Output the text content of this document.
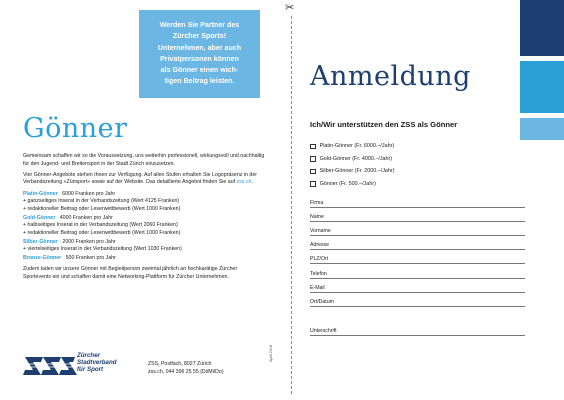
Werden Sie Partner des
Zürcher Sports!
Unternehmen, aber auch
Privatpersonen können
als Gönner einen wich-
tigen Beitrag leisten.
Gönner

Gemeinsam schaffen wir so die Voraussetzung, uns weiterhin professionell, wirkungsvoll und nachhaltig für den Jugend- und Breitensport in der Stadt Zürich einzusetzen.

Vier Gönner-Angebote stehen Ihnen zur Verfügung. Auf allen Stufen erhalten Sie Logopräsenz in der Verbandszeitung «Zürisport» sowie auf der Website. Das detaillierte Angebot finden Sie auf zss.ch.

Platin-Gönner 6000 Franken pro Jahr
+ ganzseitiges Inserat in der Verbandszeitung (Wert 4125 Franken)
+ redaktioneller Beitrag oder Leserwettbewerb (Wert 1000 Franken)
Gold-Gönner 4000 Franken pro Jahr
+ halbseitiges Inserat in der Verbandszeitung (Wert 2060 Franken)
+ redaktioneller Beitrag oder Leserwettbewerb (Wert 1000 Franken)
Silber-Gönner 2000 Franken pro Jahr
+ viertelseitiges Inserat in der Verbandszeitung (Wert 1030 Franken)
Bronze-Gönner 500 Franken pro Jahr

Zudem laden wir unsere Gönner mit Begleitperson zweimal jährlich an hochkarätige Zürcher Sportevents ein und schaffen damit eine Networking-Plattform für Zürcher Unternehmen.

Zürcher
Stadtverband
für Sport
ZSS, Postfach, 8027 Zürich
zss.ch, 044 396 25 55 (Di/Mi/Do)
April 2018
✂
Anmeldung
Ich/Wir unterstützen den ZSS als Gönner
Platin-Gönner (Fr. 6000.–/Jahr)
Gold-Gönner (Fr. 4000.–/Jahr)
Silber-Gönner (Fr. 2000.–/Jahr)
Gönner (Fr. 500.–/Jahr)
Firma
Name
Vorname
Adresse
PLZ/Ort
Telefon
E-Mail
Ort/Datum
Unterschrift
